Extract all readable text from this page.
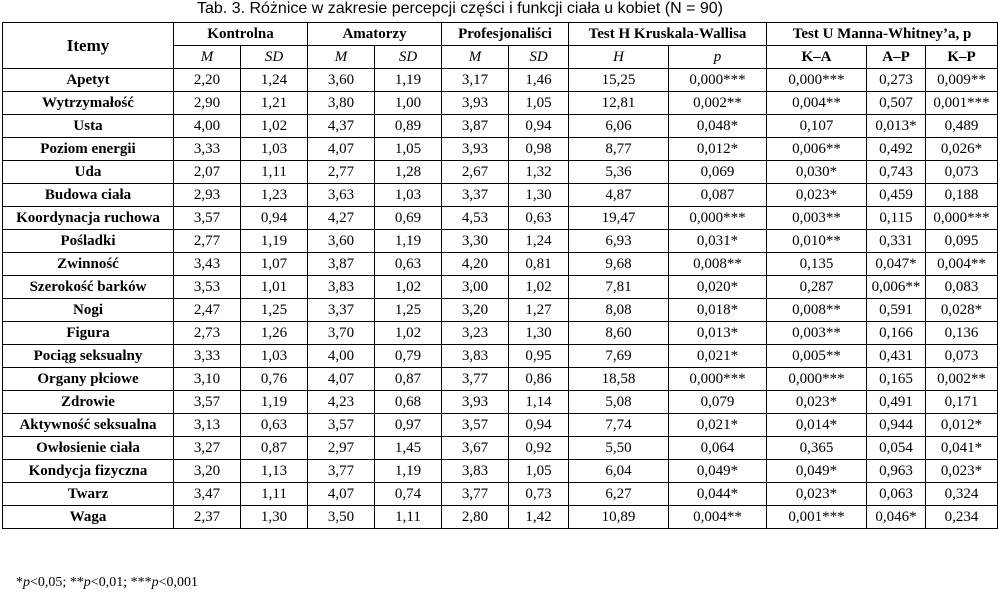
Tab. 3. Różnice w zakresie percepcji części i funkcji ciała u kobiet (N = 90)
Itemy	Kontrolna		Amatorzy		Profesjonaliści		Test H Kruskala-Wallisa		Test U Manna-Whitney’a, p		
	M	SD	M	SD	M	SD	H	p	K–A	A–P	K–P
Apetyt	2,20	1,24	3,60	1,19	3,17	1,46	15,25	0,000***	0,000***	0,273	0,009**
Wytrzymałość	2,90	1,21	3,80	1,00	3,93	1,05	12,81	0,002**	0,004**	0,507	0,001***
Usta	4,00	1,02	4,37	0,89	3,87	0,94	6,06	0,048*	0,107	0,013*	0,489
Poziom energii	3,33	1,03	4,07	1,05	3,93	0,98	8,77	0,012*	0,006**	0,492	0,026*
Uda	2,07	1,11	2,77	1,28	2,67	1,32	5,36	0,069	0,030*	0,743	0,073
Budowa ciała	2,93	1,23	3,63	1,03	3,37	1,30	4,87	0,087	0,023*	0,459	0,188
Koordynacja ruchowa	3,57	0,94	4,27	0,69	4,53	0,63	19,47	0,000***	0,003**	0,115	0,000***
Pośladki	2,77	1,19	3,60	1,19	3,30	1,24	6,93	0,031*	0,010**	0,331	0,095
Zwinność	3,43	1,07	3,87	0,63	4,20	0,81	9,68	0,008**	0,135	0,047*	0,004**
Szerokość barków	3,53	1,01	3,83	1,02	3,00	1,02	7,81	0,020*	0,287	0,006**	0,083
Nogi	2,47	1,25	3,37	1,25	3,20	1,27	8,08	0,018*	0,008**	0,591	0,028*
Figura	2,73	1,26	3,70	1,02	3,23	1,30	8,60	0,013*	0,003**	0,166	0,136
Pociąg seksualny	3,33	1,03	4,00	0,79	3,83	0,95	7,69	0,021*	0,005**	0,431	0,073
Organy płciowe	3,10	0,76	4,07	0,87	3,77	0,86	18,58	0,000***	0,000***	0,165	0,002**
Zdrowie	3,57	1,19	4,23	0,68	3,93	1,14	5,08	0,079	0,023*	0,491	0,171
Aktywność seksualna	3,13	0,63	3,57	0,97	3,57	0,94	7,74	0,021*	0,014*	0,944	0,012*
Owłosienie ciała	3,27	0,87	2,97	1,45	3,67	0,92	5,50	0,064	0,365	0,054	0,041*
Kondycja fizyczna	3,20	1,13	3,77	1,19	3,83	1,05	6,04	0,049*	0,049*	0,963	0,023*
Twarz	3,47	1,11	4,07	0,74	3,77	0,73	6,27	0,044*	0,023*	0,063	0,324
Waga	2,37	1,30	3,50	1,11	2,80	1,42	10,89	0,004**	0,001***	0,046*	0,234
*p<0,05; **p<0,01; ***p<0,001
